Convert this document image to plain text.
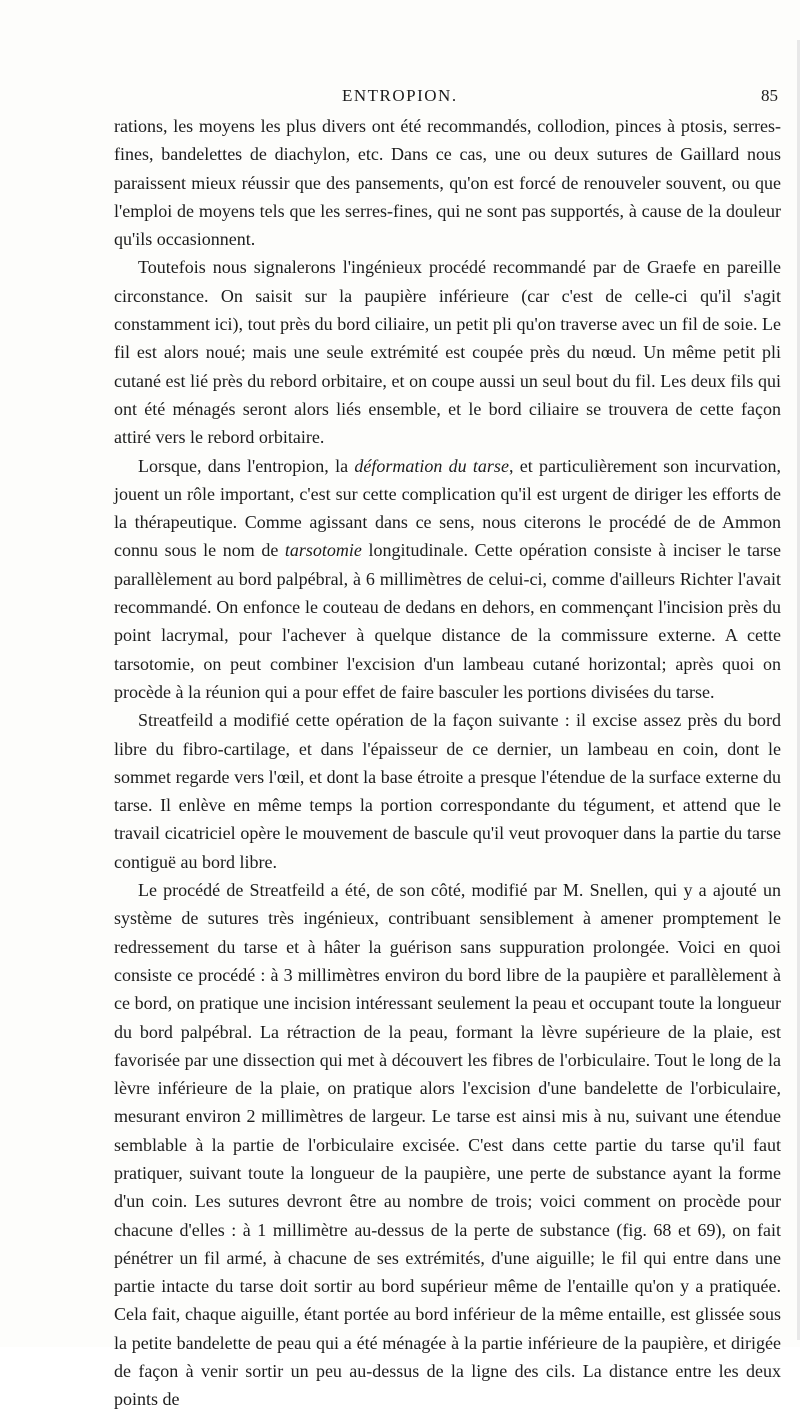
ENTROPION.	85

rations, les moyens les plus divers ont été recommandés, collodion, pinces à ptosis, serres-fines, bandelettes de diachylon, etc. Dans ce cas, une ou deux sutures de Gaillard nous paraissent mieux réussir que des pansements, qu'on est forcé de renouveler souvent, ou que l'emploi de moyens tels que les serres-fines, qui ne sont pas supportés, à cause de la douleur qu'ils occasionnent.

Toutefois nous signalerons l'ingénieux procédé recommandé par de Graefe en pareille circonstance. On saisit sur la paupière inférieure (car c'est de celle-ci qu'il s'agit constamment ici), tout près du bord ciliaire, un petit pli qu'on traverse avec un fil de soie. Le fil est alors noué; mais une seule extrémité est coupée près du nœud. Un même petit pli cutané est lié près du rebord orbitaire, et on coupe aussi un seul bout du fil. Les deux fils qui ont été ménagés seront alors liés ensemble, et le bord ciliaire se trouvera de cette façon attiré vers le rebord orbitaire.

Lorsque, dans l'entropion, la déformation du tarse, et particulièrement son incurvation, jouent un rôle important, c'est sur cette complication qu'il est urgent de diriger les efforts de la thérapeutique. Comme agissant dans ce sens, nous citerons le procédé de de Ammon connu sous le nom de tarsotomie longitudinale. Cette opération consiste à inciser le tarse parallèlement au bord palpébral, à 6 millimètres de celui-ci, comme d'ailleurs Richter l'avait recommandé. On enfonce le couteau de dedans en dehors, en commençant l'incision près du point lacrymal, pour l'achever à quelque distance de la commissure externe. A cette tarsotomie, on peut combiner l'excision d'un lambeau cutané horizontal; après quoi on procède à la réunion qui a pour effet de faire basculer les portions divisées du tarse.

Streatfeild a modifié cette opération de la façon suivante : il excise assez près du bord libre du fibro-cartilage, et dans l'épaisseur de ce dernier, un lambeau en coin, dont le sommet regarde vers l'œil, et dont la base étroite a presque l'étendue de la surface externe du tarse. Il enlève en même temps la portion correspondante du tégument, et attend que le travail cicatriciel opère le mouvement de bascule qu'il veut provoquer dans la partie du tarse contiguë au bord libre.

Le procédé de Streatfeild a été, de son côté, modifié par M. Snellen, qui y a ajouté un système de sutures très ingénieux, contribuant sensiblement à amener promptement le redressement du tarse et à hâter la guérison sans suppuration prolongée. Voici en quoi consiste ce procédé : à 3 millimètres environ du bord libre de la paupière et parallèlement à ce bord, on pratique une incision intéressant seulement la peau et occupant toute la longueur du bord palpébral. La rétraction de la peau, formant la lèvre supérieure de la plaie, est favorisée par une dissection qui met à découvert les fibres de l'orbiculaire. Tout le long de la lèvre inférieure de la plaie, on pratique alors l'excision d'une bandelette de l'orbiculaire, mesurant environ 2 millimètres de largeur. Le tarse est ainsi mis à nu, suivant une étendue semblable à la partie de l'orbiculaire excisée. C'est dans cette partie du tarse qu'il faut pratiquer, suivant toute la longueur de la paupière, une perte de substance ayant la forme d'un coin. Les sutures devront être au nombre de trois; voici comment on procède pour chacune d'elles : à 1 millimètre au-dessus de la perte de substance (fig. 68 et 69), on fait pénétrer un fil armé, à chacune de ses extrémités, d'une aiguille; le fil qui entre dans une partie intacte du tarse doit sortir au bord supérieur même de l'entaille qu'on y a pratiquée. Cela fait, chaque aiguille, étant portée au bord inférieur de la même entaille, est glissée sous la petite bandelette de peau qui a été ménagée à la partie inférieure de la paupière, et dirigée de façon à venir sortir un peu au-dessus de la ligne des cils. La distance entre les deux points de
